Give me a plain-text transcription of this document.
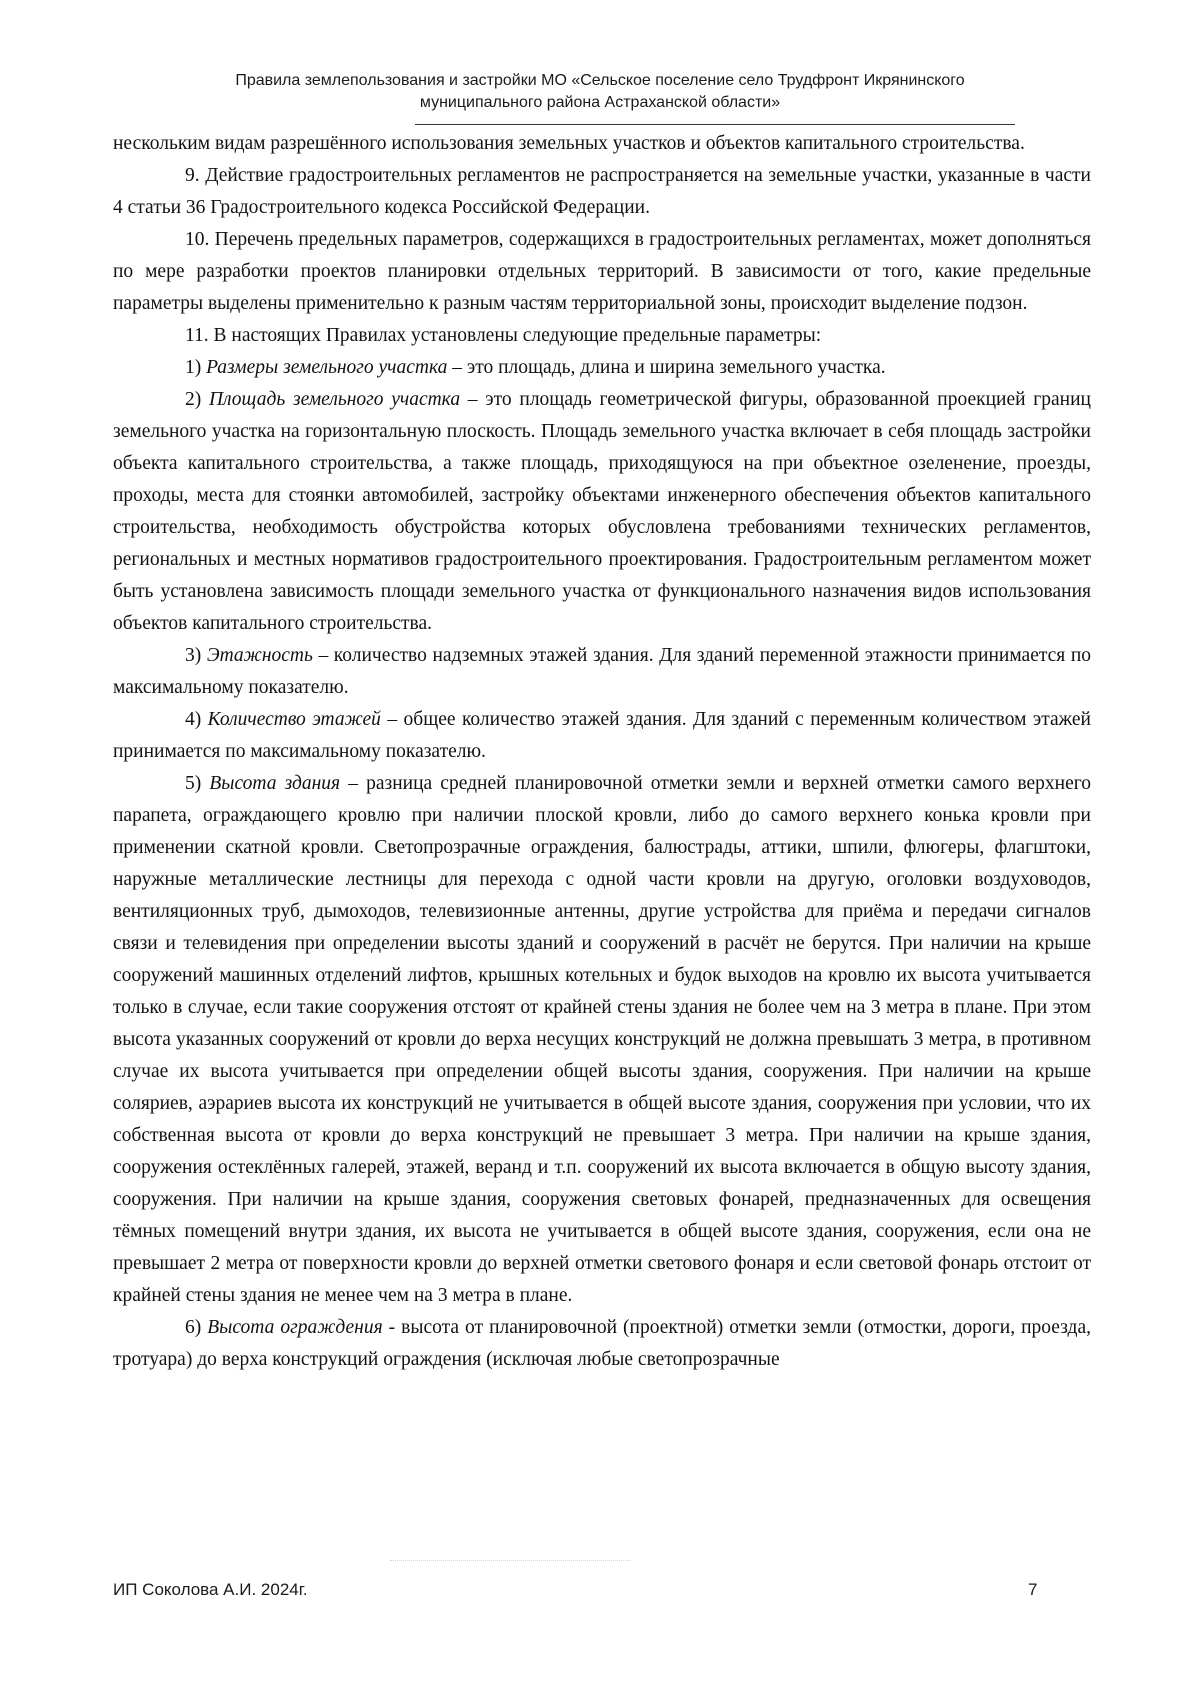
Правила землепользования и застройки МО «Сельское поселение село Трудфронт Икрянинского
муниципального района Астраханской области»

нескольким видам разрешённого использования земельных участков и объектов капитального строительства.

9. Действие градостроительных регламентов не распространяется на земельные участки, указанные в части 4 статьи 36 Градостроительного кодекса Российской Федерации.

10. Перечень предельных параметров, содержащихся в градостроительных регламентах, может дополняться по мере разработки проектов планировки отдельных территорий. В зависимости от того, какие предельные параметры выделены применительно к разным частям территориальной зоны, происходит выделение подзон.

11. В настоящих Правилах установлены следующие предельные параметры:

1) Размеры земельного участка – это площадь, длина и ширина земельного участка.

2) Площадь земельного участка – это площадь геометрической фигуры, образованной проекцией границ земельного участка на горизонтальную плоскость. Площадь земельного участка включает в себя площадь застройки объекта капитального строительства, а также площадь, приходящуюся на при объектное озеленение, проезды, проходы, места для стоянки автомобилей, застройку объектами инженерного обеспечения объектов капитального строительства, необходимость обустройства которых обусловлена требованиями технических регламентов, региональных и местных нормативов градостроительного проектирования. Градостроительным регламентом может быть установлена зависимость площади земельного участка от функционального назначения видов использования объектов капитального строительства.

3) Этажность – количество надземных этажей здания. Для зданий переменной этажности принимается по максимальному показателю.

4) Количество этажей – общее количество этажей здания. Для зданий с переменным количеством этажей принимается по максимальному показателю.

5) Высота здания – разница средней планировочной отметки земли и верхней отметки самого верхнего парапета, ограждающего кровлю при наличии плоской кровли, либо до самого верхнего конька кровли при применении скатной кровли. Светопрозрачные ограждения, балюстрады, аттики, шпили, флюгеры, флагштоки, наружные металлические лестницы для перехода с одной части кровли на другую, оголовки воздуховодов, вентиляционных труб, дымоходов, телевизионные антенны, другие устройства для приёма и передачи сигналов связи и телевидения при определении высоты зданий и сооружений в расчёт не берутся. При наличии на крыше сооружений машинных отделений лифтов, крышных котельных и будок выходов на кровлю их высота учитывается только в случае, если такие сооружения отстоят от крайней стены здания не более чем на 3 метра в плане. При этом высота указанных сооружений от кровли до верха несущих конструкций не должна превышать 3 метра, в противном случае их высота учитывается при определении общей высоты здания, сооружения. При наличии на крыше соляриев, аэрариев высота их конструкций не учитывается в общей высоте здания, сооружения при условии, что их собственная высота от кровли до верха конструкций не превышает 3 метра. При наличии на крыше здания, сооружения остеклённых галерей, этажей, веранд и т.п. сооружений их высота включается в общую высоту здания, сооружения. При наличии на крыше здания, сооружения световых фонарей, предназначенных для освещения тёмных помещений внутри здания, их высота не учитывается в общей высоте здания, сооружения, если она не превышает 2 метра от поверхности кровли до верхней отметки светового фонаря и если световой фонарь отстоит от крайней стены здания не менее чем на 3 метра в плане.

6) Высота ограждения - высота от планировочной (проектной) отметки земли (отмостки, дороги, проезда, тротуара) до верха конструкций ограждения (исключая любые светопрозрачные

ИП Соколова А.И. 2024г.	7
